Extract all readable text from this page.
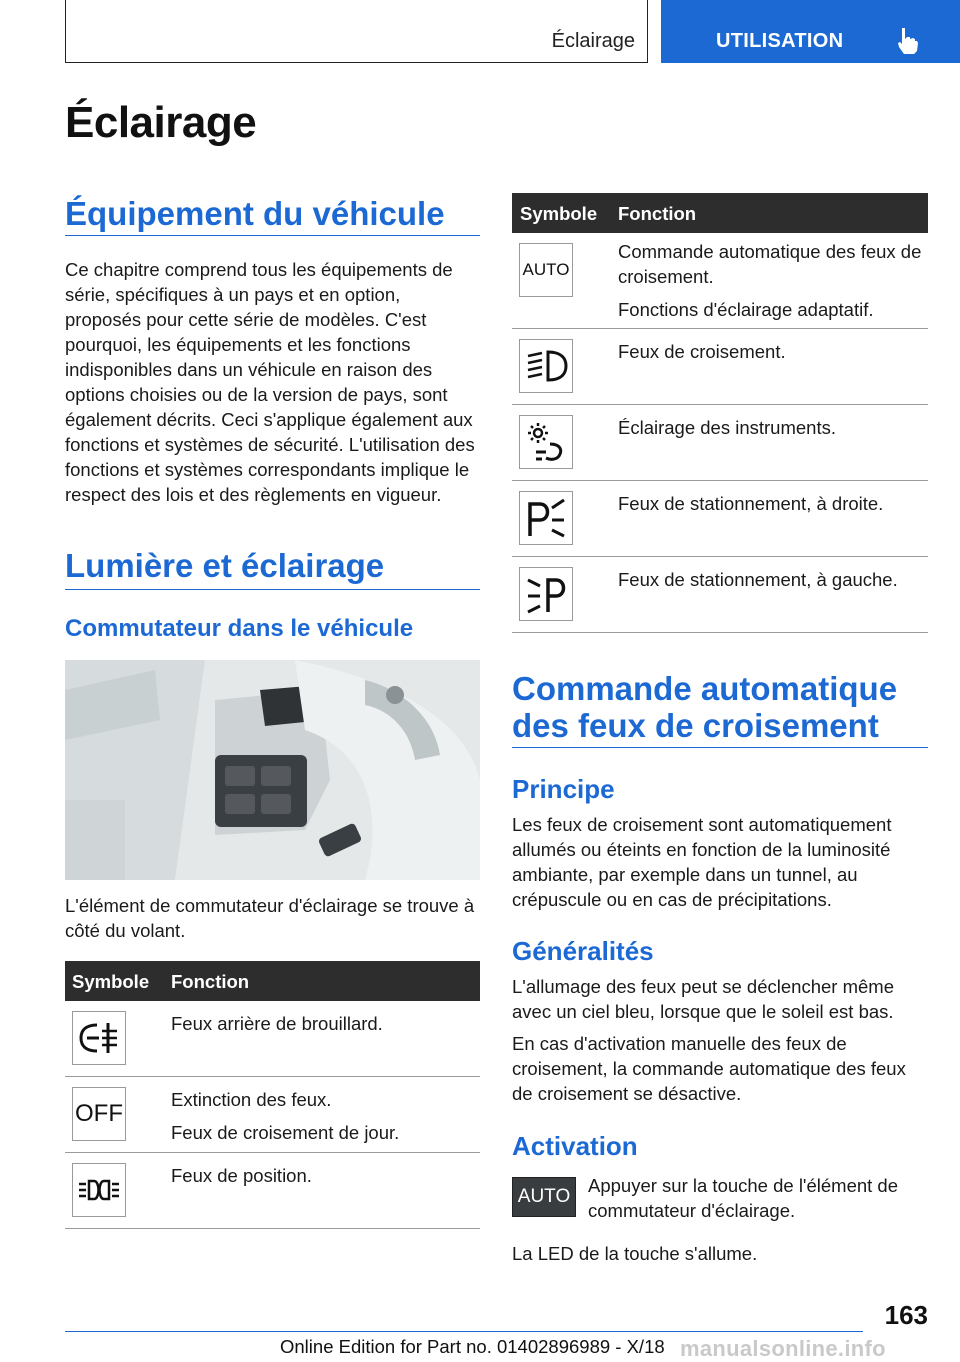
Éclairage	UTILISATION
Éclairage
Équipement du véhicule

Ce chapitre comprend tous les équipements de série, spécifiques à un pays et en option, proposés pour cette série de modèles. C'est pourquoi, les équipements et les fonctions indisponibles dans un véhicule en raison des options choisies ou de la version de pays, sont également décrits. Ceci s'applique également aux fonctions et systèmes de sécurité. L'utilisation des fonctions et systèmes correspondants implique le respect des lois et des règlements en vigueur.

Lumière et éclairage
Commutateur dans le véhicule

L'élément de commutateur d'éclairage se trouve à côté du volant.

Symbole Fonction

Feux arrière de brouillard.

OFF

Extinction des feux.

Feux de croisement de jour.

Feux de position.

Symbole Fonction
AUTO

Commande automatique des feux de croisement.

Fonctions d'éclairage adaptatif.

Feux de croisement.

Éclairage des instruments.

Feux de stationnement, à droite.

Feux de stationnement, à gauche.

Commande automatique
des feux de croisement
Principe

Les feux de croisement sont automatiquement allumés ou éteints en fonction de la luminosité ambiante, par exemple dans un tunnel, au crépuscule ou en cas de précipitations.

Généralités

L'allumage des feux peut se déclencher même avec un ciel bleu, lorsque que le soleil est bas.

En cas d'activation manuelle des feux de croisement, la commande automatique des feux de croisement se désactive.

Activation
AUTO

Appuyer sur la touche de l'élément de commutateur d'éclairage.

La LED de la touche s'allume.

163
Online Edition for Part no. 01402896989 - X/18 manualsonline.info
